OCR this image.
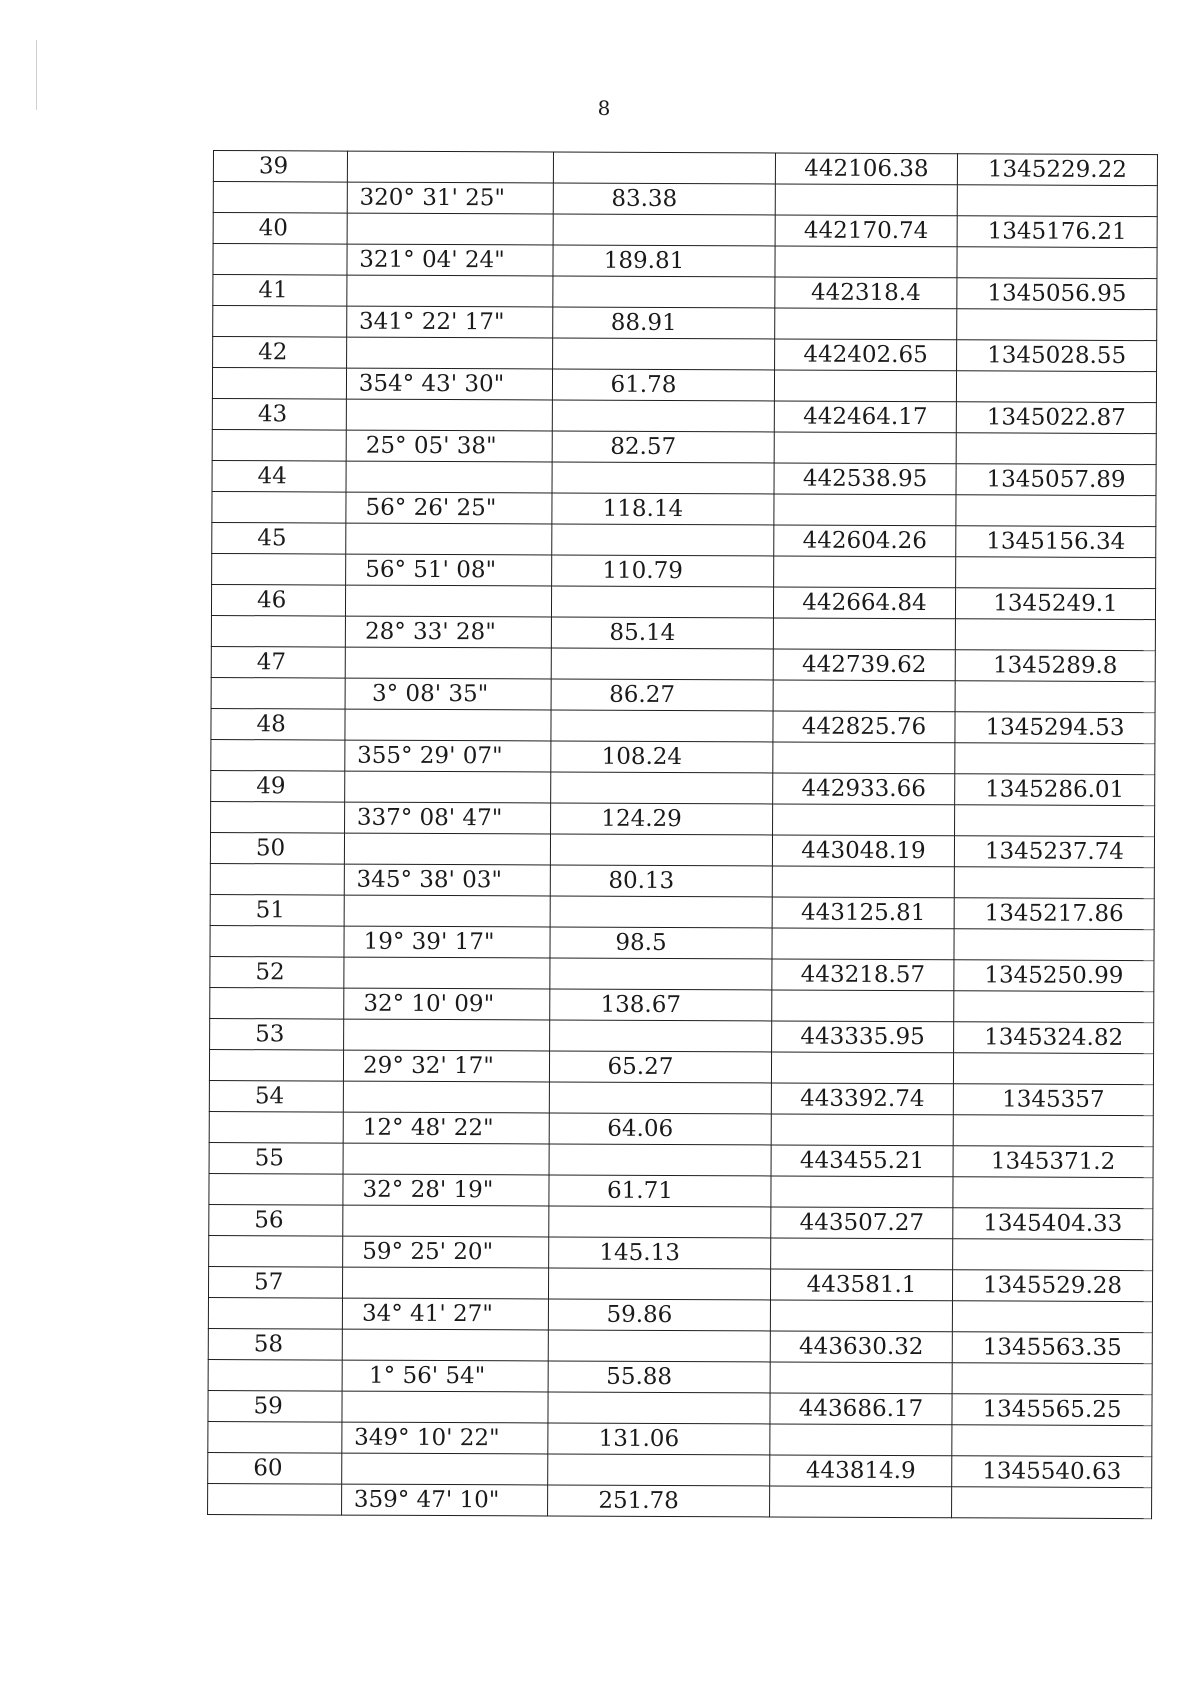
8
39			442106.38	1345229.22
	320° 31' 25"	83.38		
40			442170.74	1345176.21
	321° 04' 24"	189.81		
41			442318.4	1345056.95
	341° 22' 17"	88.91		
42			442402.65	1345028.55
	354° 43' 30"	61.78		
43			442464.17	1345022.87
	25° 05' 38"	82.57		
44			442538.95	1345057.89
	56° 26' 25"	118.14		
45			442604.26	1345156.34
	56° 51' 08"	110.79		
46			442664.84	1345249.1
	28° 33' 28"	85.14		
47			442739.62	1345289.8
	3° 08' 35"	86.27		
48			442825.76	1345294.53
	355° 29' 07"	108.24		
49			442933.66	1345286.01
	337° 08' 47"	124.29		
50			443048.19	1345237.74
	345° 38' 03"	80.13		
51			443125.81	1345217.86
	19° 39' 17"	98.5		
52			443218.57	1345250.99
	32° 10' 09"	138.67		
53			443335.95	1345324.82
	29° 32' 17"	65.27		
54			443392.74	1345357
	12° 48' 22"	64.06		
55			443455.21	1345371.2
	32° 28' 19"	61.71		
56			443507.27	1345404.33
	59° 25' 20"	145.13		
57			443581.1	1345529.28
	34° 41' 27"	59.86		
58			443630.32	1345563.35
	1° 56' 54"	55.88		
59			443686.17	1345565.25
	349° 10' 22"	131.06		
60			443814.9	1345540.63
	359° 47' 10"	251.78		
